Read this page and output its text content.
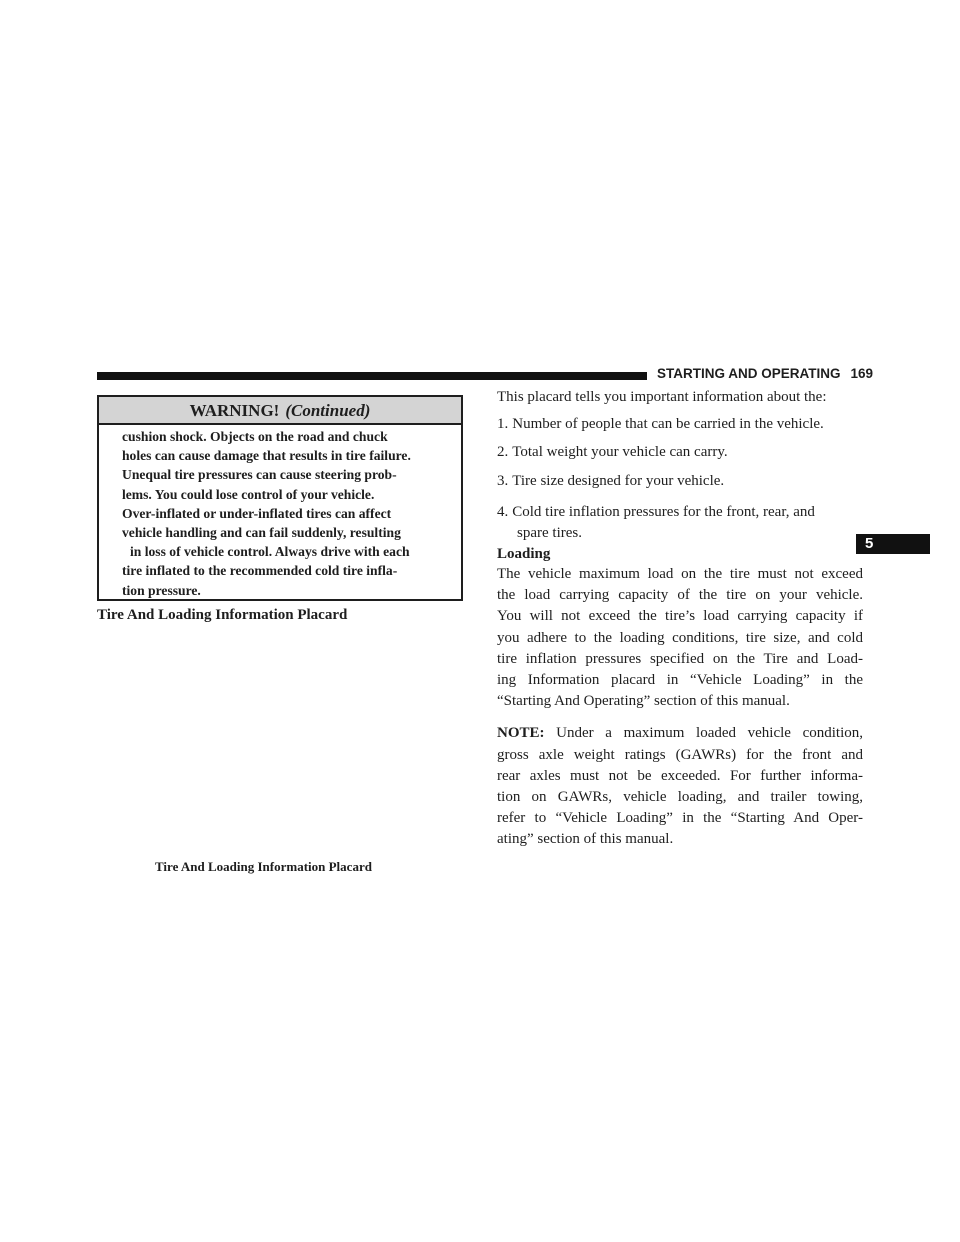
STARTING AND OPERATING 169
5
WARNING! (Continued)
cushion shock. Objects on the road and chuck
holes can cause damage that results in tire failure.
Unequal tire pressures can cause steering prob-
lems. You could lose control of your vehicle.
Over-inflated or under-inflated tires can affect
vehicle handling and can fail suddenly, resulting
in loss of vehicle control. Always drive with each
tire inflated to the recommended cold tire infla-
tion pressure.
Tire And Loading Information Placard
Tire And Loading Information Placard

This placard tells you important information about the:

1. Number of people that can be carried in the vehicle.
2. Total weight your vehicle can carry.
3. Tire size designed for your vehicle.
4. Cold tire inflation pressures for the front, rear, and
spare tires.

Loading

The vehicle maximum load on the tire must not exceed
the load carrying capacity of the tire on your vehicle.
You will not exceed the tire’s load carrying capacity if
you adhere to the loading conditions, tire size, and cold
tire inflation pressures specified on the Tire and Load-
ing Information placard in “Vehicle Loading” in the
“Starting And Operating” section of this manual.
NOTE: Under a maximum loaded vehicle condition,
gross axle weight ratings (GAWRs) for the front and
rear axles must not be exceeded. For further informa-
tion on GAWRs, vehicle loading, and trailer towing,
refer to “Vehicle Loading” in the “Starting And Oper-
ating” section of this manual.
